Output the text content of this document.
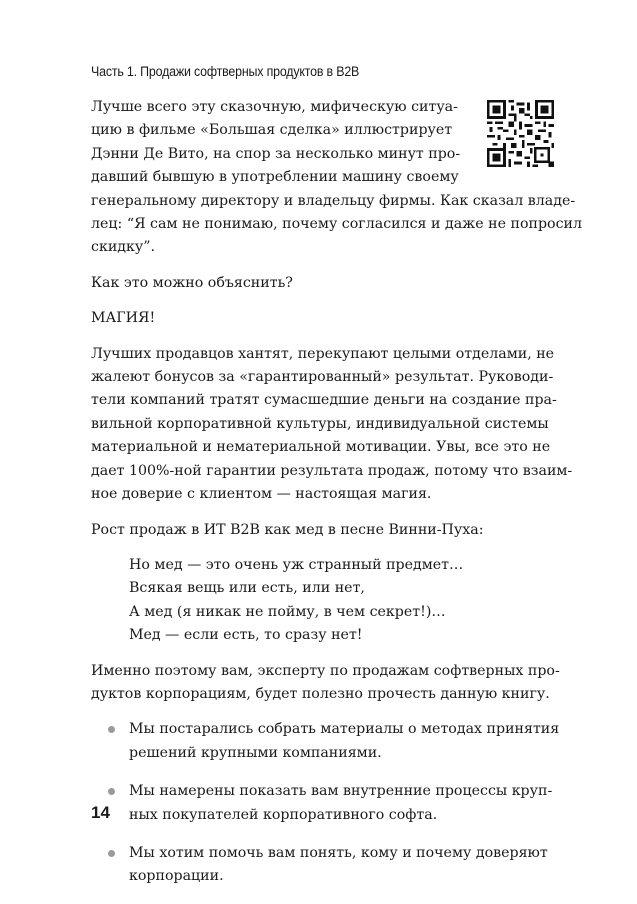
Часть 1. Продажи софтверных продуктов в B2B
Лучше всего эту сказочную, мифическую ситуа-
цию в фильме «Большая сделка» иллюстрирует
Дэнни Де Вито, на спор за несколько минут про-
давший бывшую в употреблении машину своему
генеральному директору и владельцу фирмы. Как сказал владе-
лец: “Я сам не понимаю, почему согласился и даже не попросил
скидку”.
Как это можно объяснить?
МАГИЯ!
Лучших продавцов хантят, перекупают целыми отделами, не
жалеют бонусов за «гарантированный» результат. Руководи-
тели компаний тратят сумасшедшие деньги на создание пра-
вильной корпоративной культуры, индивидуальной системы
материальной и нематериальной мотивации. Увы, все это не
дает 100%-ной гарантии результата продаж, потому что взаим-
ное доверие с клиентом — настоящая магия.
Рост продаж в ИТ B2B как мед в песне Винни-Пуха:
Но мед — это очень уж странный предмет…
Всякая вещь или есть, или нет,
А мед (я никак не пойму, в чем секрет!)…
Мед — если есть, то сразу нет!
Именно поэтому вам, эксперту по продажам софтверных про-
дуктов корпорациям, будет полезно прочесть данную книгу.
Мы постарались собрать материалы о методах принятия
решений крупными компаниями.
Мы намерены показать вам внутренние процессы круп-
ных покупателей корпоративного софта.
Мы хотим помочь вам понять, кому и почему доверяют
корпорации.
14
